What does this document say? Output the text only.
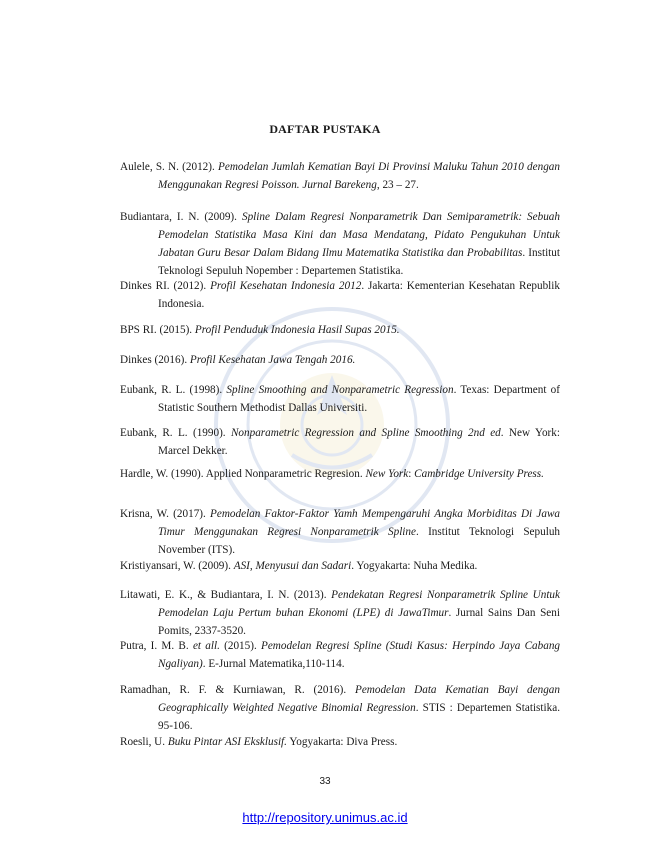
DAFTAR PUSTAKA
Aulele, S. N. (2012). Pemodelan Jumlah Kematian Bayi Di Provinsi Maluku Tahun 2010 dengan Menggunakan Regresi Poisson. Jurnal Barekeng, 23 – 27.
Budiantara, I. N. (2009). Spline Dalam Regresi Nonparametrik Dan Semiparametrik: Sebuah Pemodelan Statistika Masa Kini dan Masa Mendatang, Pidato Pengukuhan Untuk Jabatan Guru Besar Dalam Bidang Ilmu Matematika Statistika dan Probabilitas. Institut Teknologi Sepuluh Nopember : Departemen Statistika.
Dinkes RI. (2012). Profil Kesehatan Indonesia 2012. Jakarta: Kementerian Kesehatan Republik Indonesia.
BPS RI. (2015). Profil Penduduk Indonesia Hasil Supas 2015.
Dinkes (2016). Profil Kesehatan Jawa Tengah 2016.
Eubank, R. L. (1998). Spline Smoothing and Nonparametric Regression. Texas: Department of Statistic Southern Methodist Dallas Universiti.
Eubank, R. L. (1990). Nonparametric Regression and Spline Smoothing 2nd ed. New York: Marcel Dekker.
Hardle, W. (1990). Applied Nonparametric Regresion. New York: Cambridge University Press.
Krisna, W. (2017). Pemodelan Faktor-Faktor Yamh Mempengaruhi Angka Morbiditas Di Jawa Timur Menggunakan Regresi Nonparametrik Spline. Institut Teknologi Sepuluh November (ITS).
Kristiyansari, W. (2009). ASI, Menyusui dan Sadari. Yogyakarta: Nuha Medika.
Litawati, E. K., & Budiantara, I. N. (2013). Pendekatan Regresi Nonparametrik Spline Untuk Pemodelan Laju Pertum buhan Ekonomi (LPE) di JawaTimur. Jurnal Sains Dan Seni Pomits, 2337-3520.
Putra, I. M. B. et all. (2015). Pemodelan Regresi Spline (Studi Kasus: Herpindo Jaya Cabang Ngaliyan). E-Jurnal Matematika,110-114.
Ramadhan, R. F. & Kurniawan, R. (2016). Pemodelan Data Kematian Bayi dengan Geographically Weighted Negative Binomial Regression. STIS : Departemen Statistika. 95-106.
Roesli, U. Buku Pintar ASI Eksklusif. Yogyakarta: Diva Press.
33
http://repository.unimus.ac.id
